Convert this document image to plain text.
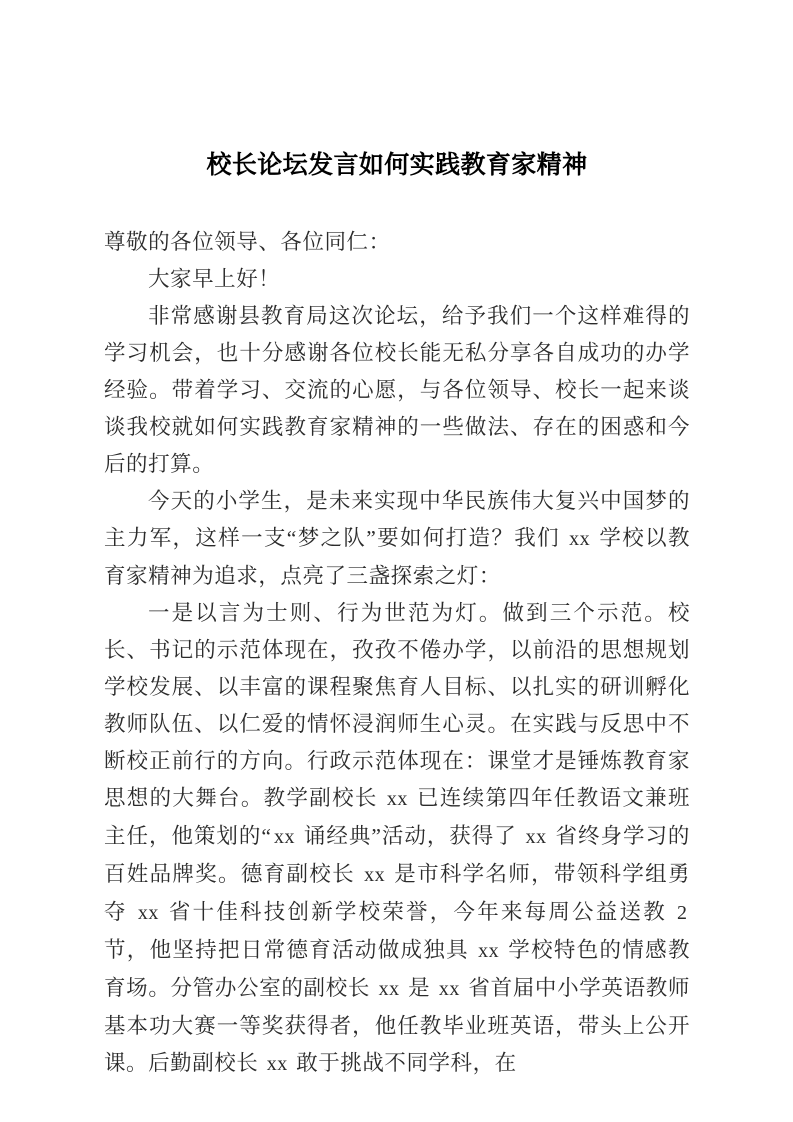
校长论坛发言如何实践教育家精神

尊敬的各位领导、各位同仁：

大家早上好！

非常感谢县教育局这次论坛，给予我们一个这样难得的学习机会，也十分感谢各位校长能无私分享各自成功的办学经验。带着学习、交流的心愿，与各位领导、校长一起来谈谈我校就如何实践教育家精神的一些做法、存在的困惑和今后的打算。

今天的小学生，是未来实现中华民族伟大复兴中国梦的主力军，这样一支“梦之队”要如何打造？我们 xx 学校以教育家精神为追求，点亮了三盏探索之灯：

一是以言为士则、行为世范为灯。做到三个示范。校长、书记的示范体现在，孜孜不倦办学，以前沿的思想规划学校发展、以丰富的课程聚焦育人目标、以扎实的研训孵化教师队伍、以仁爱的情怀浸润师生心灵。在实践与反思中不断校正前行的方向。行政示范体现在：课堂才是锤炼教育家思想的大舞台。教学副校长 xx 已连续第四年任教语文兼班主任，他策划的“ xx 诵经典”活动，获得了 xx 省终身学习的百姓品牌奖。德育副校长 xx 是市科学名师，带领科学组勇夺 xx 省十佳科技创新学校荣誉，今年来每周公益送教 2 节，他坚持把日常德育活动做成独具 xx 学校特色的情感教育场。分管办公室的副校长 xx 是 xx 省首届中小学英语教师基本功大赛一等奖获得者，他任教毕业班英语，带头上公开课。后勤副校长 xx 敢于挑战不同学科，在
